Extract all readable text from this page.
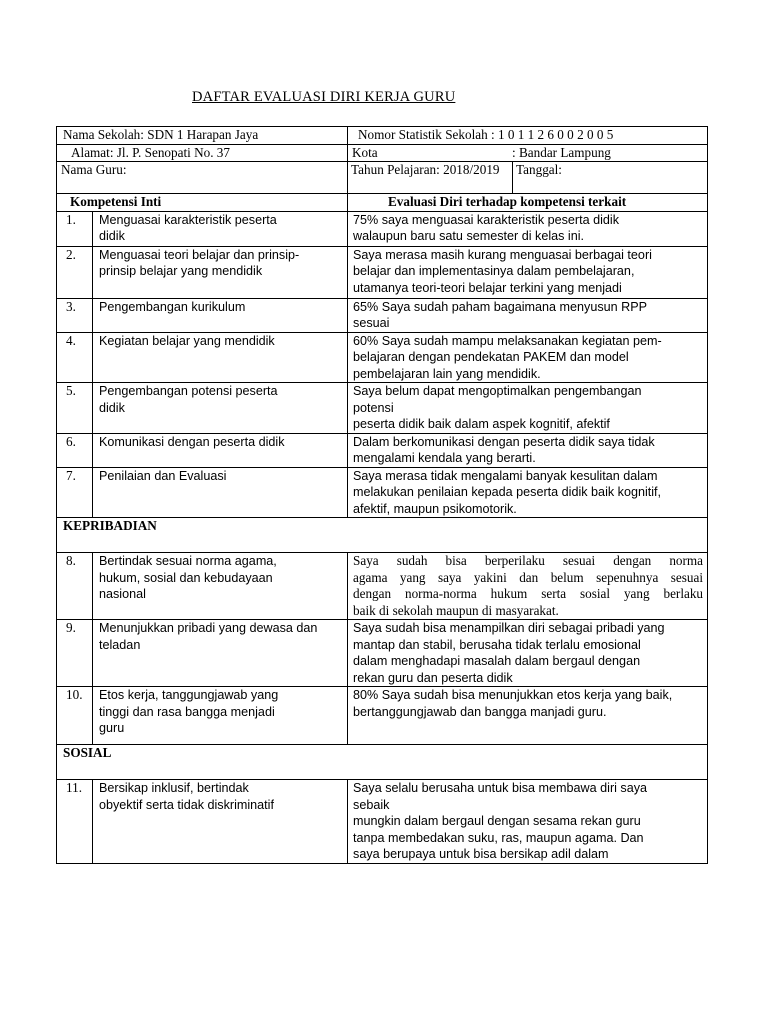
DAFTAR EVALUASI DIRI KERJA GURU
Nama Sekolah: SDN 1 Harapan Jaya		Nomor Statistik Sekolah : 1 0 1 1 2 6 0 0 2 0 0 5	
Alamat: Jl. P. Senopati No. 37		Kota : Bandar Lampung	
Nama Guru:		Tahun Pelajaran: 2018/2019	Tanggal:
Kompetensi Inti		Evaluasi Diri terhadap kompetensi terkait	
1.	Menguasai karakteristik peserta
didik	75% saya menguasai karakteristik peserta didik
walaupun baru satu semester di kelas ini.	

2.	Menguasai teori belajar dan prinsip-
prinsip belajar yang mendidik	Saya merasa masih kurang menguasai berbagai teori
belajar dan implementasinya dalam pembelajaran,
utamanya teori-teori belajar terkini yang menjadi	

3.	Pengembangan kurikulum	65% Saya sudah paham bagaimana menyusun RPP
sesuai	

4.	Kegiatan belajar yang mendidik	60% Saya sudah mampu melaksanakan kegiatan pem-
belajaran dengan pendekatan PAKEM dan model
pembelajaran lain yang mendidik.	

5.	Pengembangan potensi peserta
didik	Saya belum dapat mengoptimalkan pengembangan
potensi
peserta didik baik dalam aspek kognitif, afektif	

6.	Komunikasi dengan peserta didik	Dalam berkomunikasi dengan peserta didik saya tidak
mengalami kendala yang berarti.	

7.	Penilaian dan Evaluasi	Saya merasa tidak mengalami banyak kesulitan dalam
melakukan penilaian kepada peserta didik baik kognitif,
afektif, maupun psikomotorik.	

KEPRIBADIAN			
8.	Bertindak sesuai norma agama,
hukum, sosial dan kebudayaan
nasional	Saya sudah bisa berperilaku sesuai dengan norma
agama yang saya yakini dan belum sepenuhnya sesuai
dengan norma-norma hukum serta sosial yang berlaku
baik di sekolah maupun di masyarakat.	

9.	Menunjukkan pribadi yang dewasa dan
teladan	Saya sudah bisa menampilkan diri sebagai pribadi yang
mantap dan stabil, berusaha tidak terlalu emosional
dalam menghadapi masalah dalam bergaul dengan
rekan guru dan peserta didik	

10.	Etos kerja, tanggungjawab yang
tinggi dan rasa bangga menjadi
guru	80% Saya sudah bisa menunjukkan etos kerja yang baik,
bertanggungjawab dan bangga manjadi guru.	

SOSIAL			
11.	Bersikap inklusif, bertindak
obyektif serta tidak diskriminatif	Saya selalu berusaha untuk bisa membawa diri saya
sebaik
mungkin dalam bergaul dengan sesama rekan guru
tanpa membedakan suku, ras, maupun agama. Dan
saya berupaya untuk bisa bersikap adil dalam	
